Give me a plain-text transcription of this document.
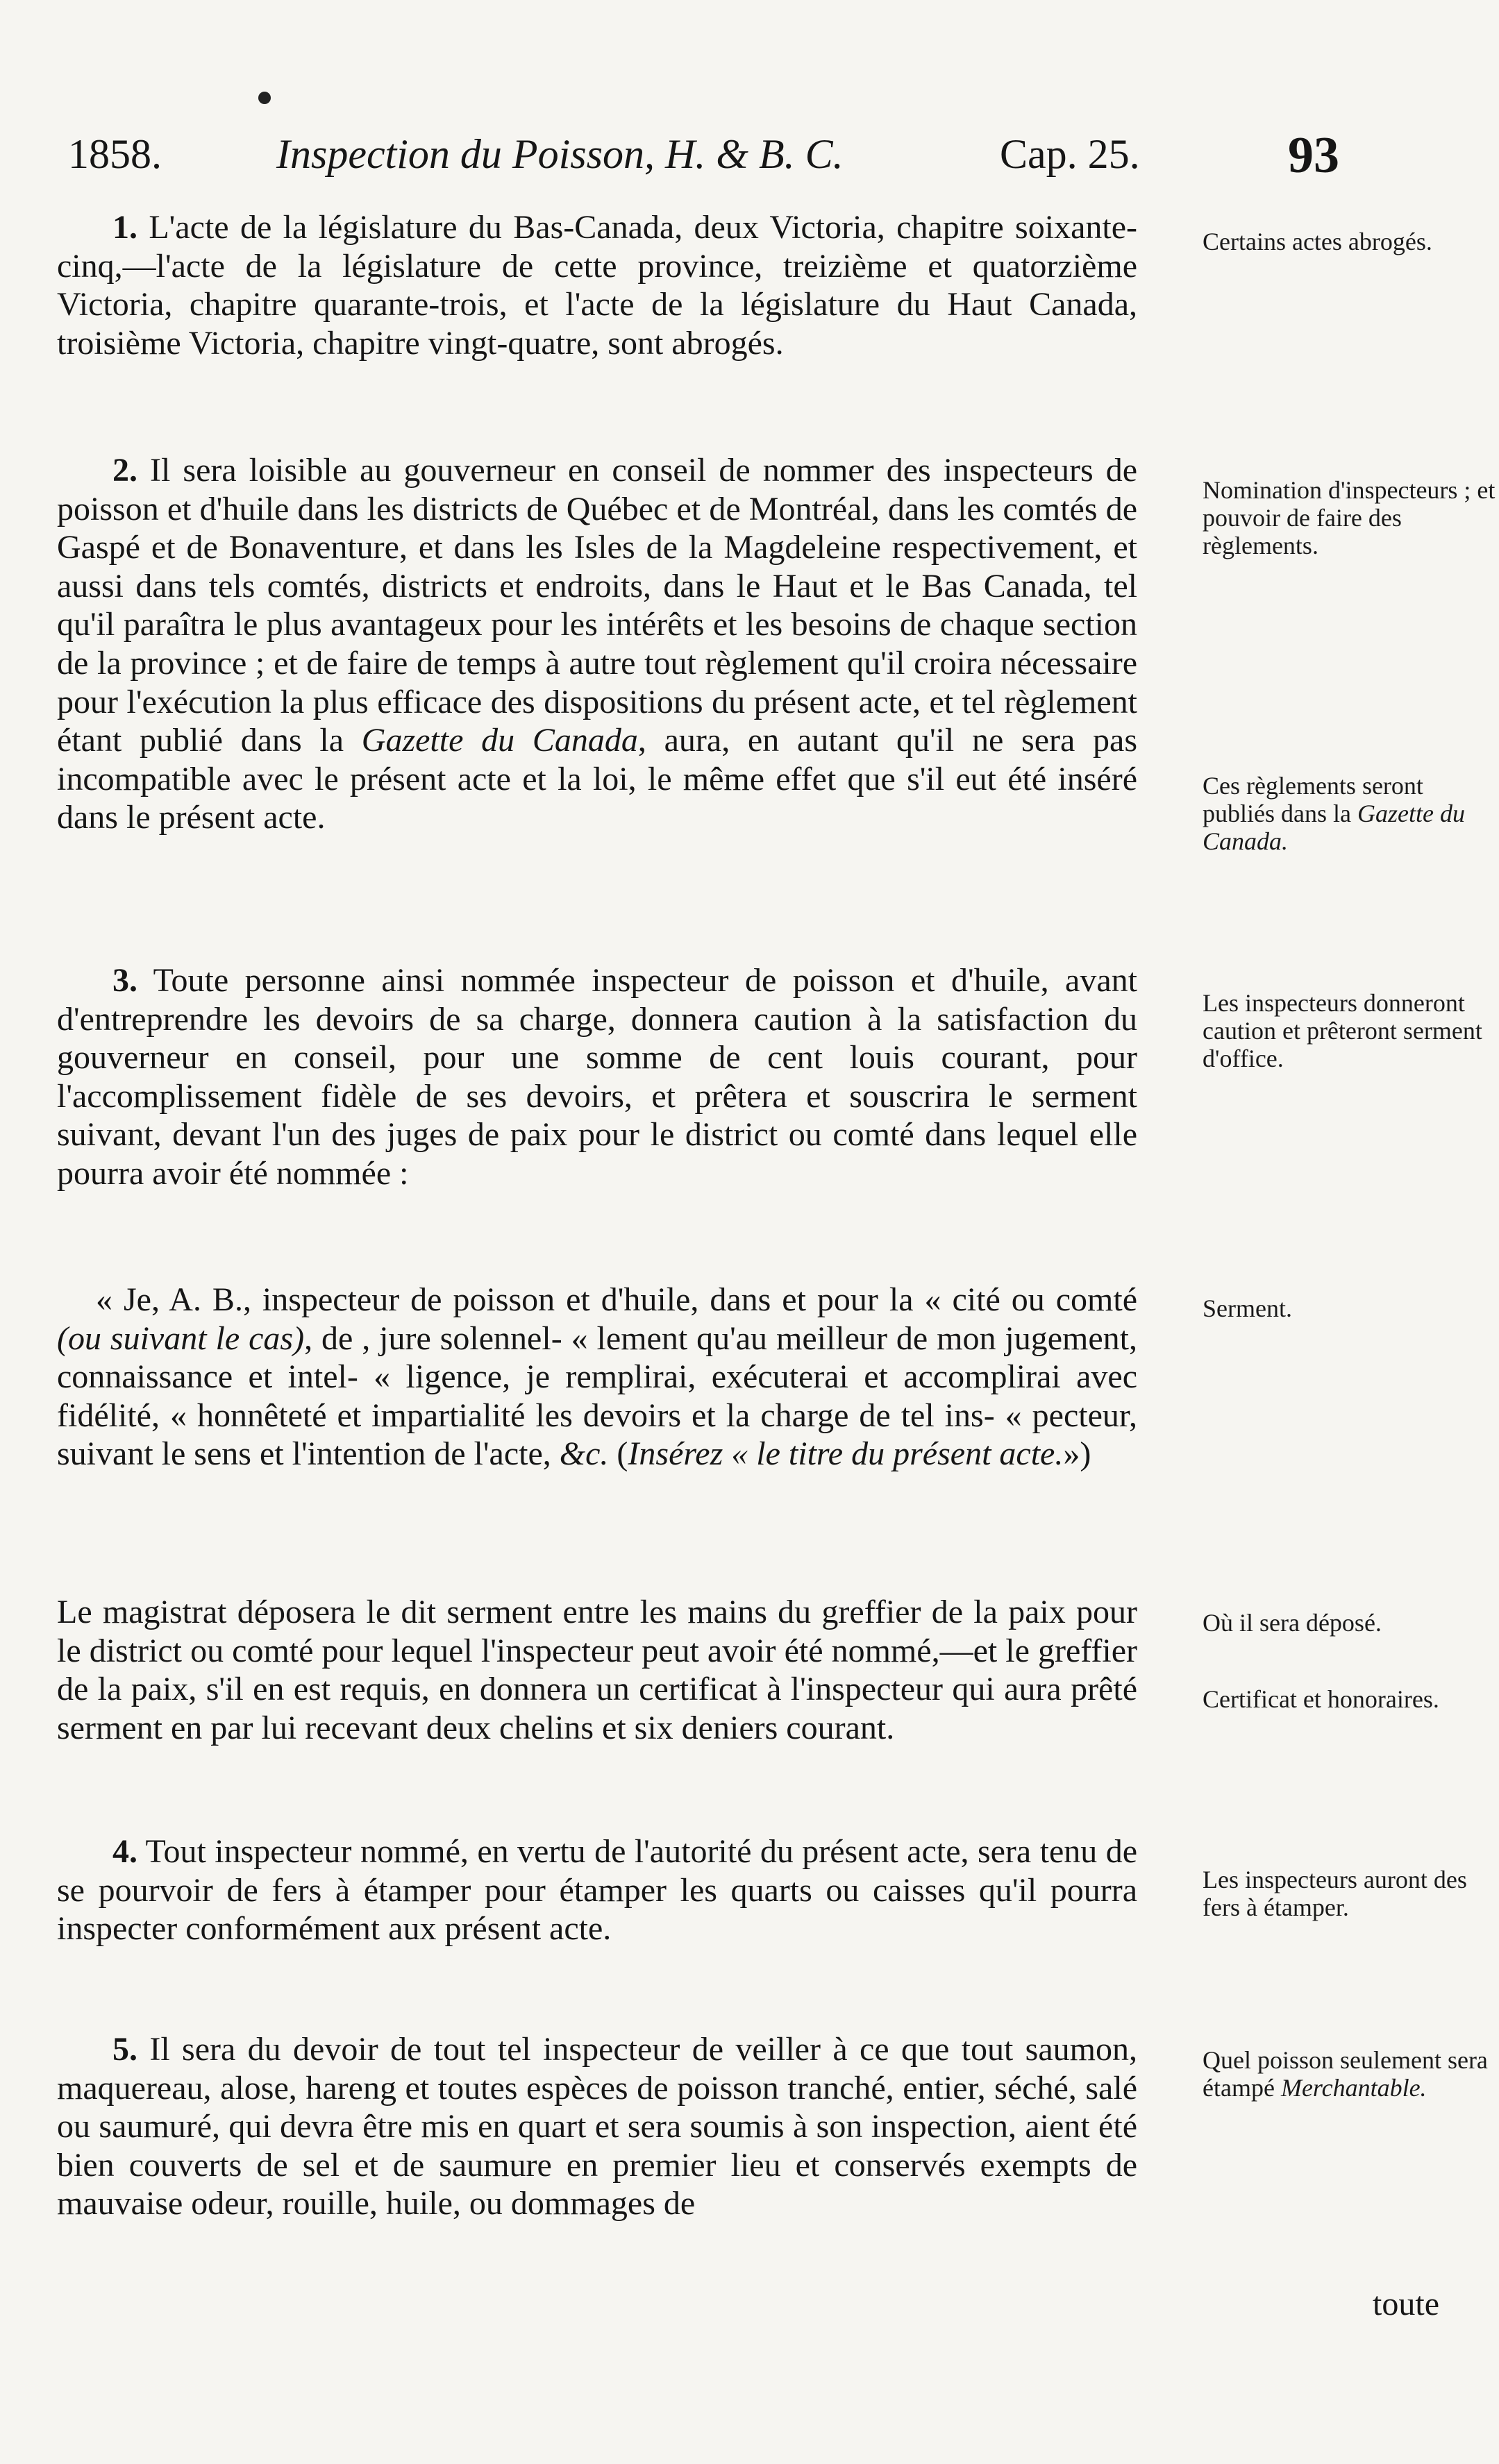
1858.	Inspection du Poisson, H. & B. C.	Cap. 25.	93
1. L'acte de la législature du Bas-Canada, deux Victoria, chapitre soixante-cinq,—l'acte de la législature de cette province, treizième et quatorzième Victoria, chapitre quarante-trois, et l'acte de la législature du Haut Canada, troisième Victoria, chapitre vingt-quatre, sont abrogés.
2. Il sera loisible au gouverneur en conseil de nommer des inspecteurs de poisson et d'huile dans les districts de Québec et de Montréal, dans les comtés de Gaspé et de Bonaventure, et dans les Isles de la Magdeleine respectivement, et aussi dans tels comtés, districts et endroits, dans le Haut et le Bas Canada, tel qu'il paraîtra le plus avantageux pour les intérêts et les besoins de chaque section de la province ; et de faire de temps à autre tout règlement qu'il croira nécessaire pour l'exécution la plus efficace des dispositions du présent acte, et tel règlement étant publié dans la Gazette du Canada, aura, en autant qu'il ne sera pas incompatible avec le présent acte et la loi, le même effet que s'il eut été inséré dans le présent acte.
3. Toute personne ainsi nommée inspecteur de poisson et d'huile, avant d'entreprendre les devoirs de sa charge, donnera caution à la satisfaction du gouverneur en conseil, pour une somme de cent louis courant, pour l'accomplissement fidèle de ses devoirs, et prêtera et souscrira le serment suivant, devant l'un des juges de paix pour le district ou comté dans lequel elle pourra avoir été nommée :
« Je, A. B., inspecteur de poisson et d'huile, dans et pour la « cité ou comté (ou suivant le cas), de , jure solennel- « lement qu'au meilleur de mon jugement, connaissance et intel- « ligence, je remplirai, exécuterai et accomplirai avec fidélité, « honnêteté et impartialité les devoirs et la charge de tel ins- « pecteur, suivant le sens et l'intention de l'acte, &c. (Insérez « le titre du présent acte.»)
Le magistrat déposera le dit serment entre les mains du greffier de la paix pour le district ou comté pour lequel l'inspecteur peut avoir été nommé,—et le greffier de la paix, s'il en est requis, en donnera un certificat à l'inspecteur qui aura prêté serment en par lui recevant deux chelins et six deniers courant.
4. Tout inspecteur nommé, en vertu de l'autorité du présent acte, sera tenu de se pourvoir de fers à étamper pour étamper les quarts ou caisses qu'il pourra inspecter conformément aux présent acte.
5. Il sera du devoir de tout tel inspecteur de veiller à ce que tout saumon, maquereau, alose, hareng et toutes espèces de poisson tranché, entier, séché, salé ou saumuré, qui devra être mis en quart et sera soumis à son inspection, aient été bien couverts de sel et de saumure en premier lieu et conservés exempts de mauvaise odeur, rouille, huile, ou dommages de
Certains actes abrogés.
Nomination d'inspecteurs ; et pouvoir de faire des règlements.
Ces règlements seront publiés dans la Gazette du Canada.
Les inspecteurs donneront caution et prêteront serment d'office.
Serment.
Où il sera déposé.
Certificat et honoraires.
Les inspecteurs auront des fers à étamper.
Quel poisson seulement sera étampé Merchantable.
toute
